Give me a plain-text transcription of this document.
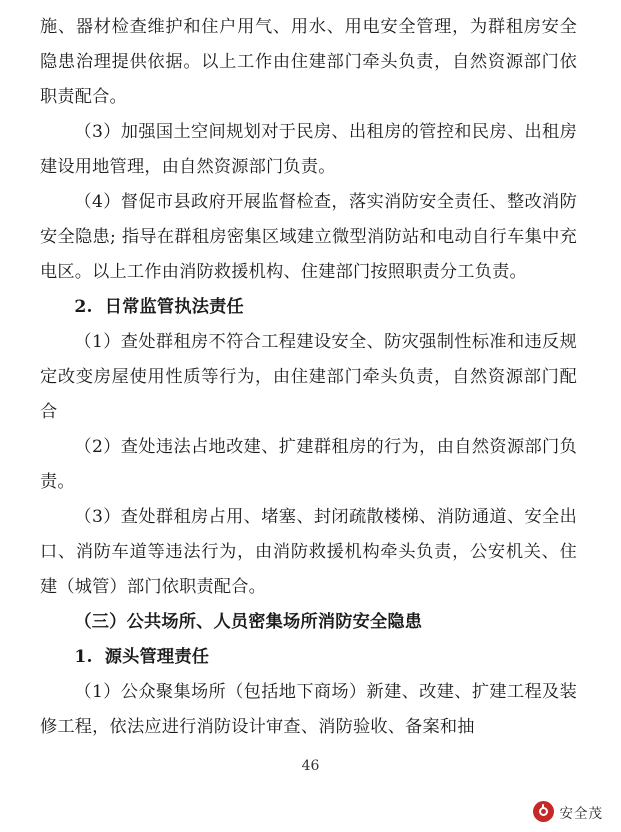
施、器材检查维护和住户用气、用水、用电安全管理，为群租房安全隐患治理提供依据。以上工作由住建部门牵头负责，自然资源部门依职责配合。

（3）加强国土空间规划对于民房、出租房的管控和民房、出租房建设用地管理，由自然资源部门负责。

（4）督促市县政府开展监督检查，落实消防安全责任、整改消防安全隐患; 指导在群租房密集区域建立微型消防站和电动自行车集中充电区。以上工作由消防救援机构、住建部门按照职责分工负责。

2. 日常监管执法责任

（1）查处群租房不符合工程建设安全、防灾强制性标准和违反规定改变房屋使用性质等行为，由住建部门牵头负责，自然资源部门配合

（2）查处违法占地改建、扩建群租房的行为，由自然资源部门负责。

（3）查处群租房占用、堵塞、封闭疏散楼梯、消防通道、安全出口、消防车道等违法行为，由消防救援机构牵头负责，公安机关、住建（城管）部门依职责配合。

（三）公共场所、人员密集场所消防安全隐患

1. 源头管理责任

（1）公众聚集场所（包括地下商场）新建、改建、扩建工程及装修工程，依法应进行消防设计审查、消防验收、备案和抽

46
安全茂
